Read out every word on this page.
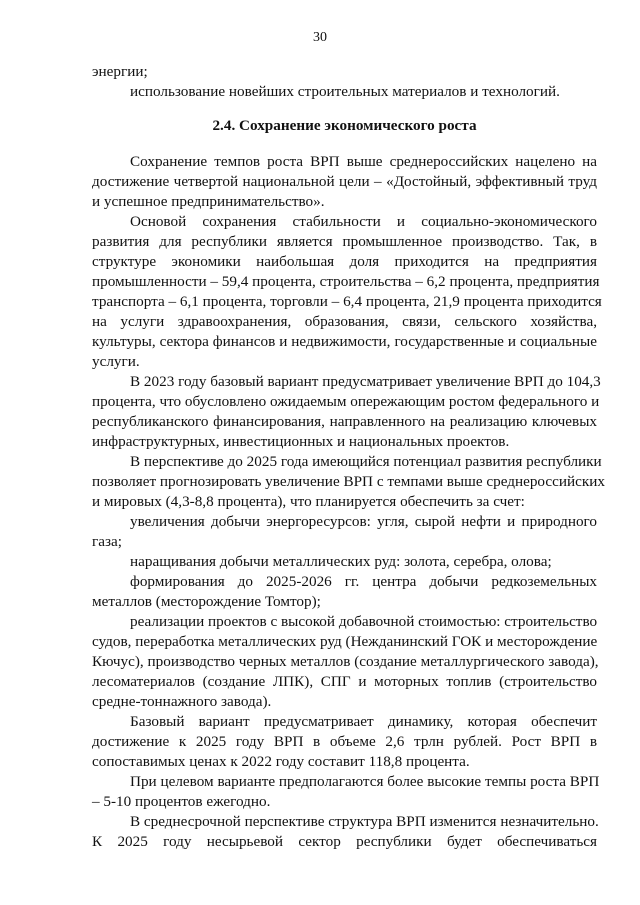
30
энергии;
использование новейших строительных материалов и технологий.
2.4. Сохранение экономического роста
Сохранение темпов роста ВРП выше среднероссийских нацелено на
достижение четвертой национальной цели – «Достойный, эффективный труд
и успешное предпринимательство».
Основой сохранения стабильности и социально-экономического
развития для республики является промышленное производство. Так, в
структуре экономики наибольшая доля приходится на предприятия
промышленности – 59,4 процента, строительства – 6,2 процента, предприятия
транспорта – 6,1 процента, торговли – 6,4 процента, 21,9 процента приходится
на услуги здравоохранения, образования, связи, сельского хозяйства,
культуры, сектора финансов и недвижимости, государственные и социальные
услуги.
В 2023 году базовый вариант предусматривает увеличение ВРП до 104,3
процента, что обусловлено ожидаемым опережающим ростом федерального и
республиканского финансирования, направленного на реализацию ключевых
инфраструктурных, инвестиционных и национальных проектов.
В перспективе до 2025 года имеющийся потенциал развития республики
позволяет прогнозировать увеличение ВРП с темпами выше среднероссийских
и мировых (4,3-8,8 процента), что планируется обеспечить за счет:
увеличения добычи энергоресурсов: угля, сырой нефти и природного
газа;
наращивания добычи металлических руд: золота, серебра, олова;
формирования до 2025-2026 гг. центра добычи редкоземельных
металлов (месторождение Томтор);
реализации проектов с высокой добавочной стоимостью: строительство
судов, переработка металлических руд (Нежданинский ГОК и месторождение
Кючус), производство черных металлов (создание металлургического завода),
лесоматериалов (создание ЛПК), СПГ и моторных топлив (строительство
средне-тоннажного завода).
Базовый вариант предусматривает динамику, которая обеспечит
достижение к 2025 году ВРП в объеме 2,6 трлн рублей. Рост ВРП в
сопоставимых ценах к 2022 году составит 118,8 процента.
При целевом варианте предполагаются более высокие темпы роста ВРП
– 5-10 процентов ежегодно.
В среднесрочной перспективе структура ВРП изменится незначительно.
К 2025 году несырьевой сектор республики будет обеспечиваться
